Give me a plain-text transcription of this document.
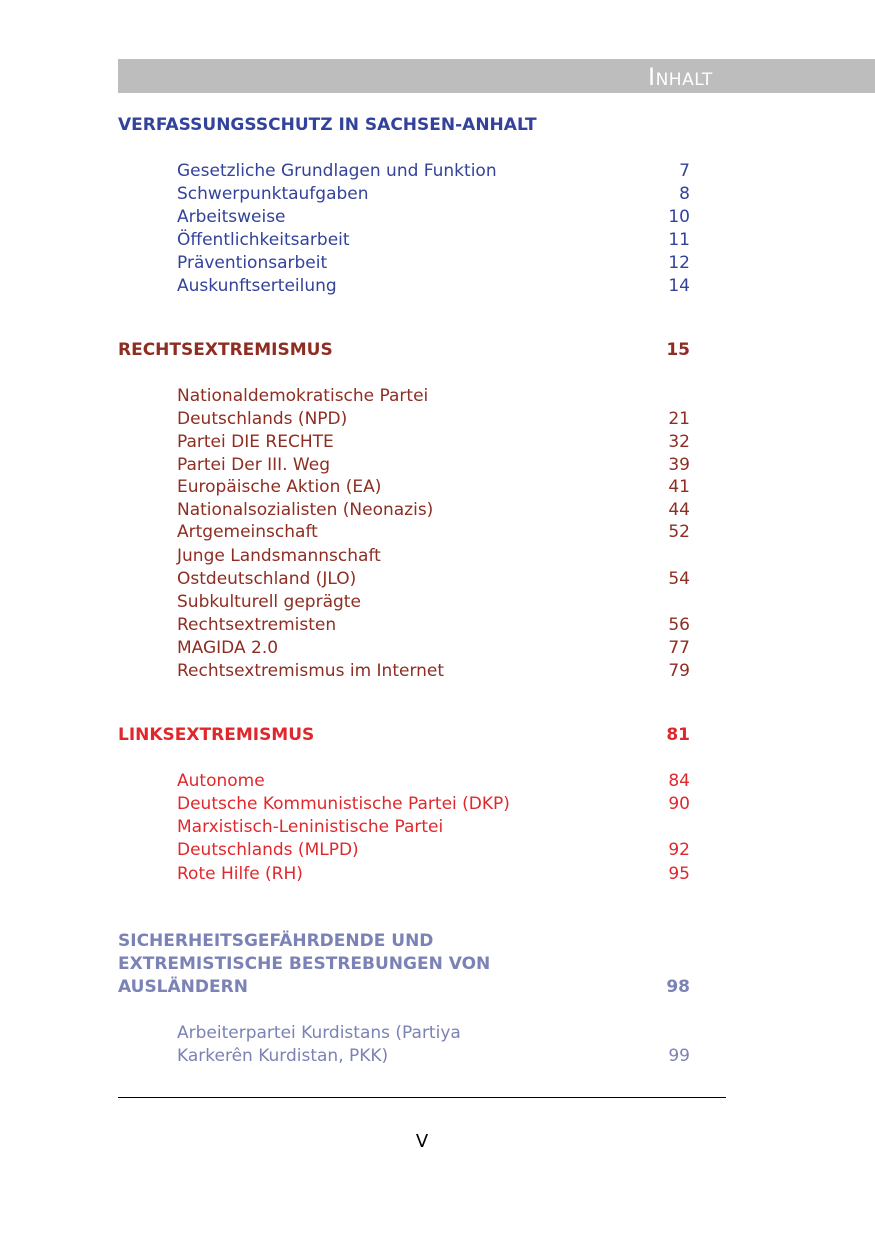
INHALT
VERFASSUNGSSCHUTZ IN SACHSEN-ANHALT
Gesetzliche Grundlagen und Funktion	7
Schwerpunktaufgaben	8
Arbeitsweise	10
Öffentlichkeitsarbeit	11
Präventionsarbeit	12
Auskunftserteilung	14
RECHTSEXTREMISMUS	15
Nationaldemokratische Partei
Deutschlands (NPD)	21
Partei DIE RECHTE	32
Partei Der III. Weg	39
Europäische Aktion (EA)	41
Nationalsozialisten (Neonazis)	44
Artgemeinschaft	52
Junge Landsmannschaft
Ostdeutschland (JLO)	54
Subkulturell geprägte
Rechtsextremisten	56
MAGIDA 2.0	77
Rechtsextremismus im Internet	79
LINKSEXTREMISMUS	81
Autonome	84
Deutsche Kommunistische Partei (DKP)	90
Marxistisch-Leninistische Partei
Deutschlands (MLPD)	92
Rote Hilfe (RH)	95
SICHERHEITSGEFÄHRDENDE UND
EXTREMISTISCHE BESTREBUNGEN VON
AUSLÄNDERN	98
Arbeiterpartei Kurdistans (Partiya
Karkerên Kurdistan, PKK)	99
V
